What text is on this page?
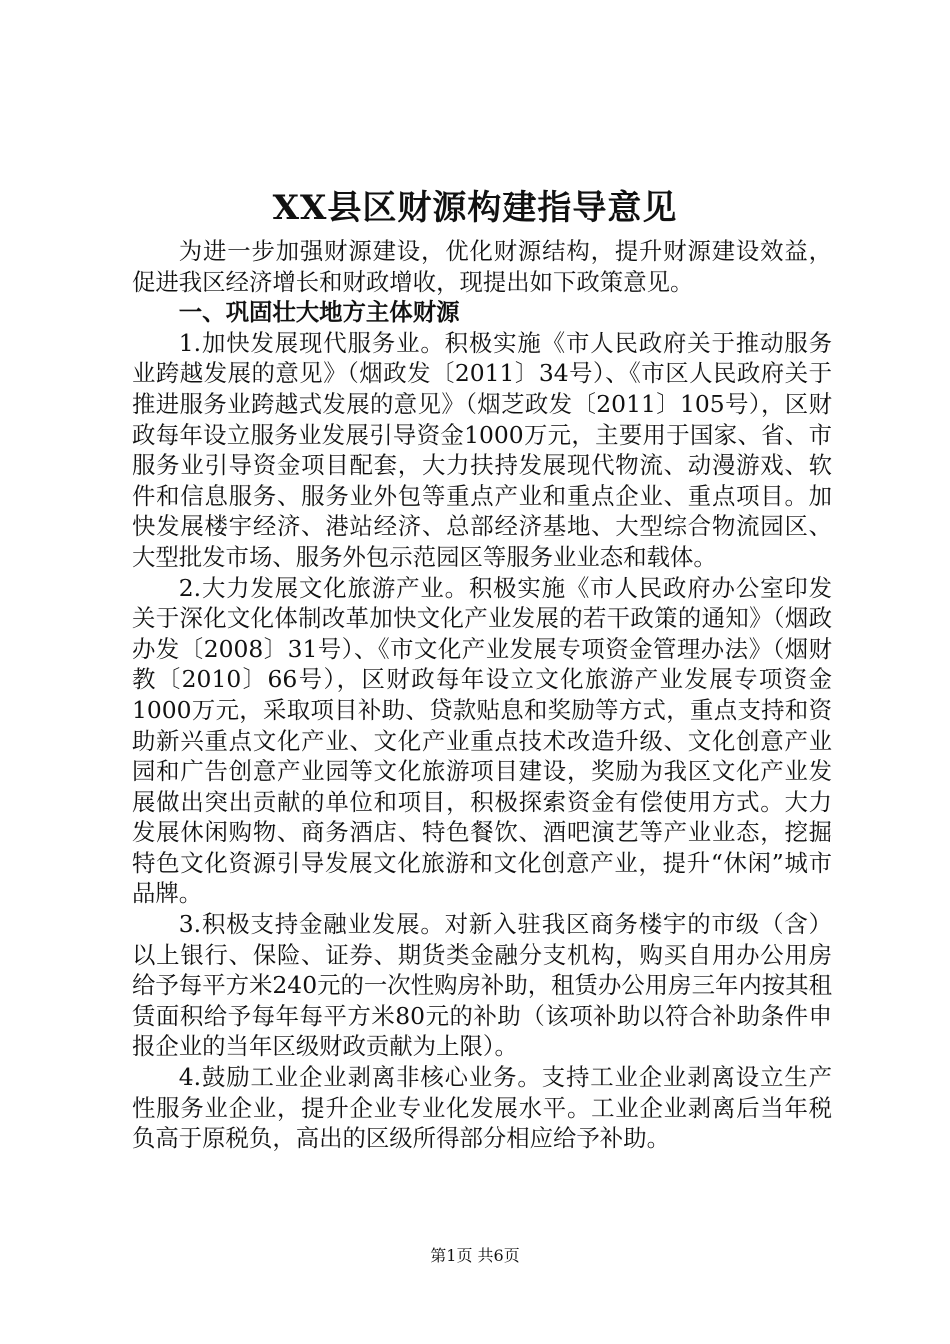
XX县区财源构建指导意见

为进一步加强财源建设，优化财源结构，提升财源建设效益，促进我区经济增长和财政增收，现提出如下政策意见。

一、巩固壮大地方主体财源

1.加快发展现代服务业。积极实施《市人民政府关于推动服务业跨越发展的意见》（烟政发〔2011〕34号）、《市区人民政府关于推进服务业跨越式发展的意见》（烟芝政发〔2011〕105号），区财政每年设立服务业发展引导资金1000万元，主要用于国家、省、市服务业引导资金项目配套，大力扶持发展现代物流、动漫游戏、软件和信息服务、服务业外包等重点产业和重点企业、重点项目。加快发展楼宇经济、港站经济、总部经济基地、大型综合物流园区、大型批发市场、服务外包示范园区等服务业业态和载体。

2.大力发展文化旅游产业。积极实施《市人民政府办公室印发关于深化文化体制改革加快文化产业发展的若干政策的通知》（烟政办发〔2008〕31号）、《市文化产业发展专项资金管理办法》（烟财教〔2010〕66号），区财政每年设立文化旅游产业发展专项资金1000万元，采取项目补助、贷款贴息和奖励等方式，重点支持和资助新兴重点文化产业、文化产业重点技术改造升级、文化创意产业园和广告创意产业园等文化旅游项目建设，奖励为我区文化产业发展做出突出贡献的单位和项目，积极探索资金有偿使用方式。大力发展休闲购物、商务酒店、特色餐饮、酒吧演艺等产业业态，挖掘特色文化资源引导发展文化旅游和文化创意产业，提升“休闲”城市品牌。

3.积极支持金融业发展。对新入驻我区商务楼宇的市级（含）以上银行、保险、证券、期货类金融分支机构，购买自用办公用房给予每平方米240元的一次性购房补助，租赁办公用房三年内按其租赁面积给予每年每平方米80元的补助（该项补助以符合补助条件申报企业的当年区级财政贡献为上限）。

4.鼓励工业企业剥离非核心业务。支持工业企业剥离设立生产性服务业企业，提升企业专业化发展水平。工业企业剥离后当年税负高于原税负，高出的区级所得部分相应给予补助。

第1页 共6页
